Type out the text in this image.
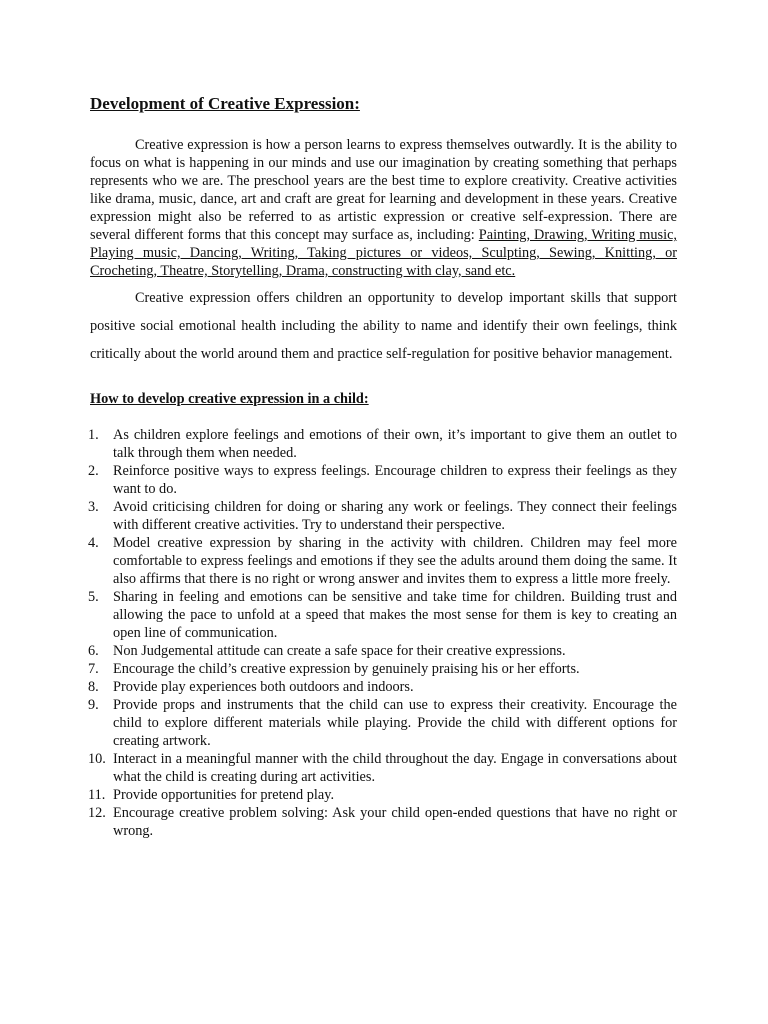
Development of Creative Expression:

Creative expression is how a person learns to express themselves outwardly. It is the ability to focus on what is happening in our minds and use our imagination by creating something that perhaps represents who we are. The preschool years are the best time to explore creativity. Creative activities like drama, music, dance, art and craft are great for learning and development in these years. Creative expression might also be referred to as artistic expression or creative self-expression. There are several different forms that this concept may surface as, including: Painting, Drawing, Writing music, Playing music, Dancing, Writing, Taking pictures or videos, Sculpting, Sewing, Knitting, or Crocheting, Theatre, Storytelling, Drama, constructing with clay, sand etc.

Creative expression offers children an opportunity to develop important skills that support positive social emotional health including the ability to name and identify their own feelings, think critically about the world around them and practice self-regulation for positive behavior management.

How to develop creative expression in a child:
1. As children explore feelings and emotions of their own, it’s important to give them an outlet to talk through them when needed.
2. Reinforce positive ways to express feelings. Encourage children to express their feelings as they want to do.
3. Avoid criticising children for doing or sharing any work or feelings. They connect their feelings with different creative activities. Try to understand their perspective.
4. Model creative expression by sharing in the activity with children. Children may feel more comfortable to express feelings and emotions if they see the adults around them doing the same. It also affirms that there is no right or wrong answer and invites them to express a little more freely.
5. Sharing in feeling and emotions can be sensitive and take time for children. Building trust and allowing the pace to unfold at a speed that makes the most sense for them is key to creating an open line of communication.
6. Non Judgemental attitude can create a safe space for their creative expressions.
7. Encourage the child’s creative expression by genuinely praising his or her efforts.
8. Provide play experiences both outdoors and indoors.
9. Provide props and instruments that the child can use to express their creativity. Encourage the child to explore different materials while playing. Provide the child with different options for creating artwork.
10. Interact in a meaningful manner with the child throughout the day. Engage in conversations about what the child is creating during art activities.
11. Provide opportunities for pretend play.
12. Encourage creative problem solving: Ask your child open-ended questions that have no right or wrong.
